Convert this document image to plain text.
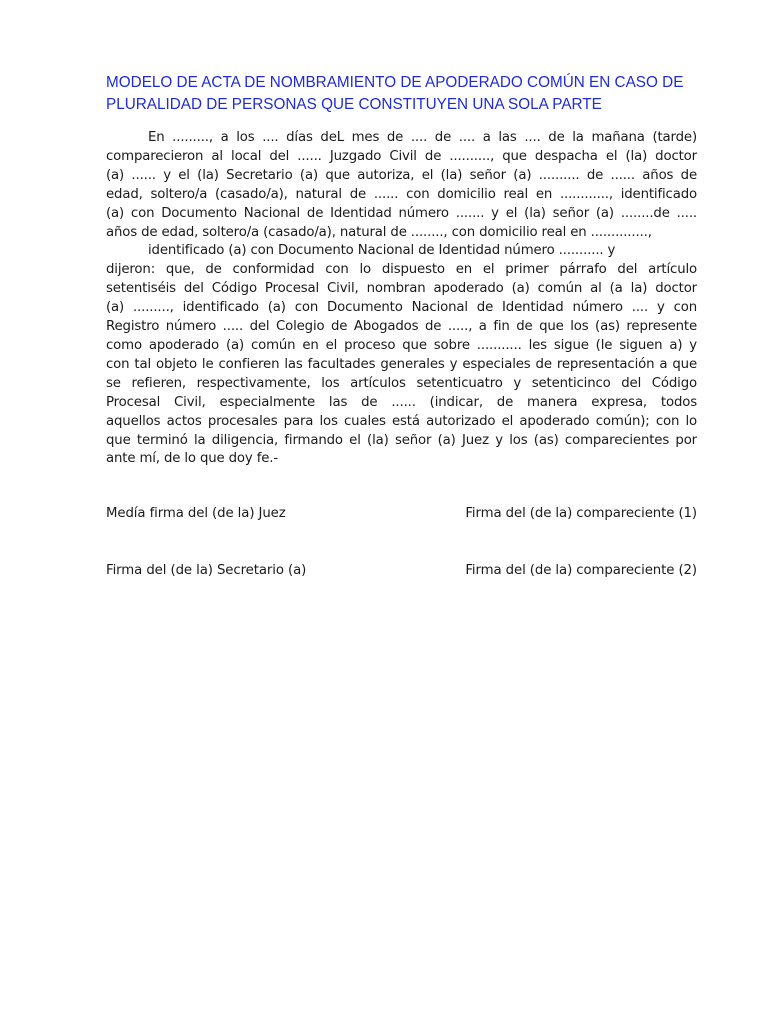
MODELO DE ACTA DE NOMBRAMIENTO DE APODERADO COMÚN EN CASO DE PLURALIDAD DE PERSONAS QUE CONSTITUYEN UNA SOLA PARTE
En ........., a los .... días deL mes de .... de .... a las .... de la mañana (tarde)
comparecieron al local del ...... Juzgado Civil de .........., que despacha el (la) doctor
(a) ...... y el (la) Secretario (a) que autoriza, el (la) señor (a) .......... de ...... años de
edad, soltero/a (casado/a), natural de ...... con domicilio real en ............, identificado
(a) con Documento Nacional de Identidad número ....... y el (la) señor (a) ........de .....
años de edad, soltero/a (casado/a), natural de ........, con domicilio real en ..............,
identificado (a) con Documento Nacional de Identidad número ........... y
dijeron: que, de conformidad con lo dispuesto en el primer párrafo del artículo
setentiséis del Código Procesal Civil, nombran apoderado (a) común al (a la) doctor
(a) ........., identificado (a) con Documento Nacional de Identidad número .... y con
Registro número ..... del Colegio de Abogados de ....., a fin de que los (as) represente
como apoderado (a) común en el proceso que sobre ........... les sigue (le siguen a) y
con tal objeto le confieren las facultades generales y especiales de representación a que
se refieren, respectivamente, los artículos setenticuatro y setenticinco del Código
Procesal Civil, especialmente las de ...... (indicar, de manera expresa, todos
aquellos actos procesales para los cuales está autorizado el apoderado común); con lo
que terminó la diligencia, firmando el (la) señor (a) Juez y los (as) comparecientes por
ante mí, de lo que doy fe.-
Medía firma del (de la) Juez	Firma del (de la) compareciente (1)
Firma del (de la) Secretario (a)	Firma del (de la) compareciente (2)
